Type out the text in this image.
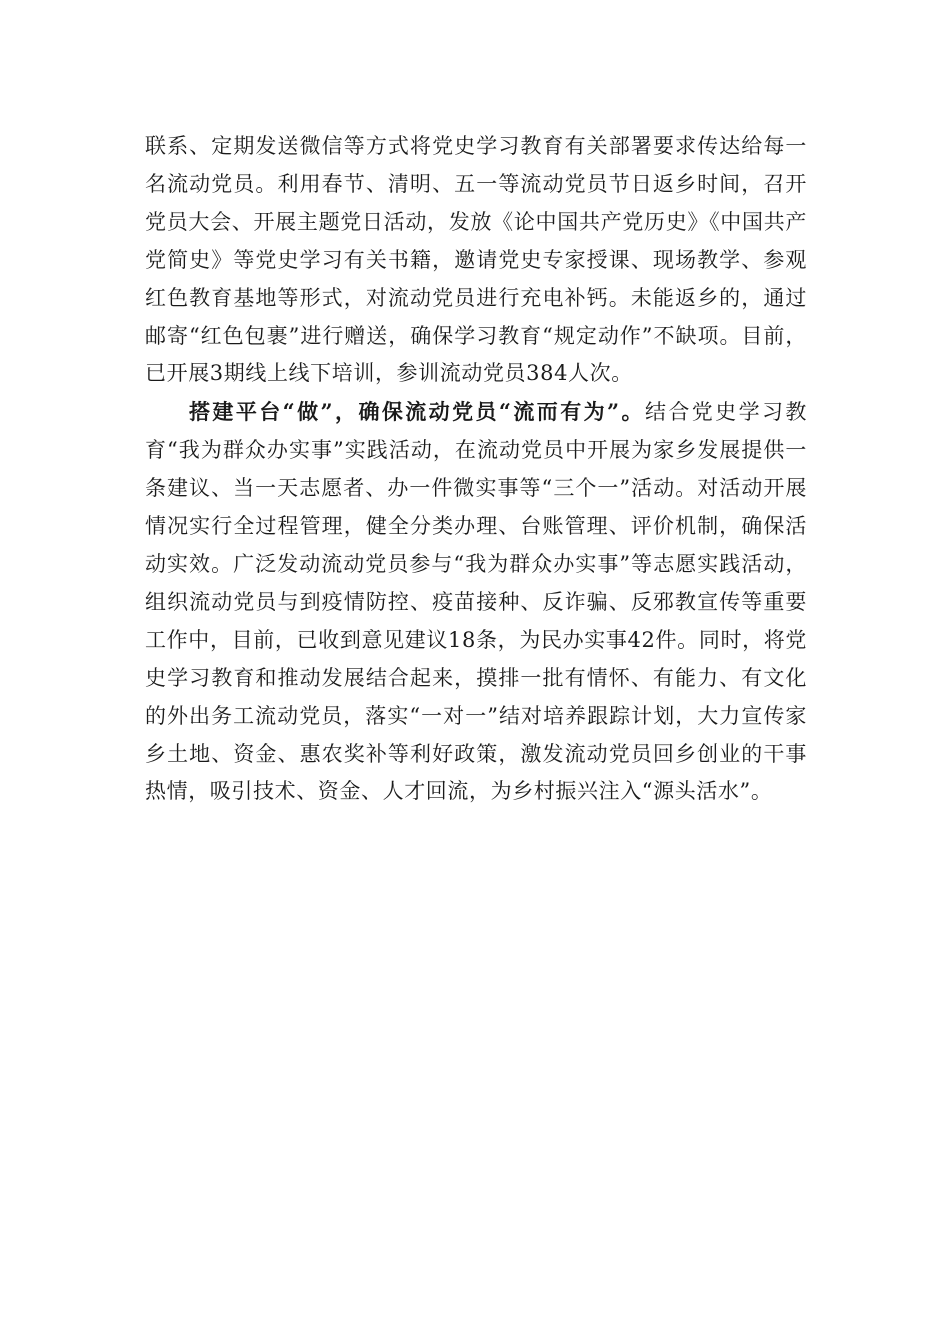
联系、定期发送微信等方式将党史学习教育有关部署要求传达给每一名流动党员。利用春节、清明、五一等流动党员节日返乡时间，召开党员大会、开展主题党日活动，发放《论中国共产党历史》《中国共产党简史》等党史学习有关书籍，邀请党史专家授课、现场教学、参观红色教育基地等形式，对流动党员进行充电补钙。未能返乡的，通过邮寄“红色包裹”进行赠送，确保学习教育“规定动作”不缺项。目前，已开展3期线上线下培训，参训流动党员384人次。

搭建平台“做”，确保流动党员“流而有为”。结合党史学习教育“我为群众办实事”实践活动，在流动党员中开展为家乡发展提供一条建议、当一天志愿者、办一件微实事等“三个一”活动。对活动开展情况实行全过程管理，健全分类办理、台账管理、评价机制，确保活动实效。广泛发动流动党员参与“我为群众办实事”等志愿实践活动，组织流动党员与到疫情防控、疫苗接种、反诈骗、反邪教宣传等重要工作中，目前，已收到意见建议18条，为民办实事42件。同时，将党史学习教育和推动发展结合起来，摸排一批有情怀、有能力、有文化的外出务工流动党员，落实“一对一”结对培养跟踪计划，大力宣传家乡土地、资金、惠农奖补等利好政策，激发流动党员回乡创业的干事热情，吸引技术、资金、人才回流，为乡村振兴注入“源头活水”。
